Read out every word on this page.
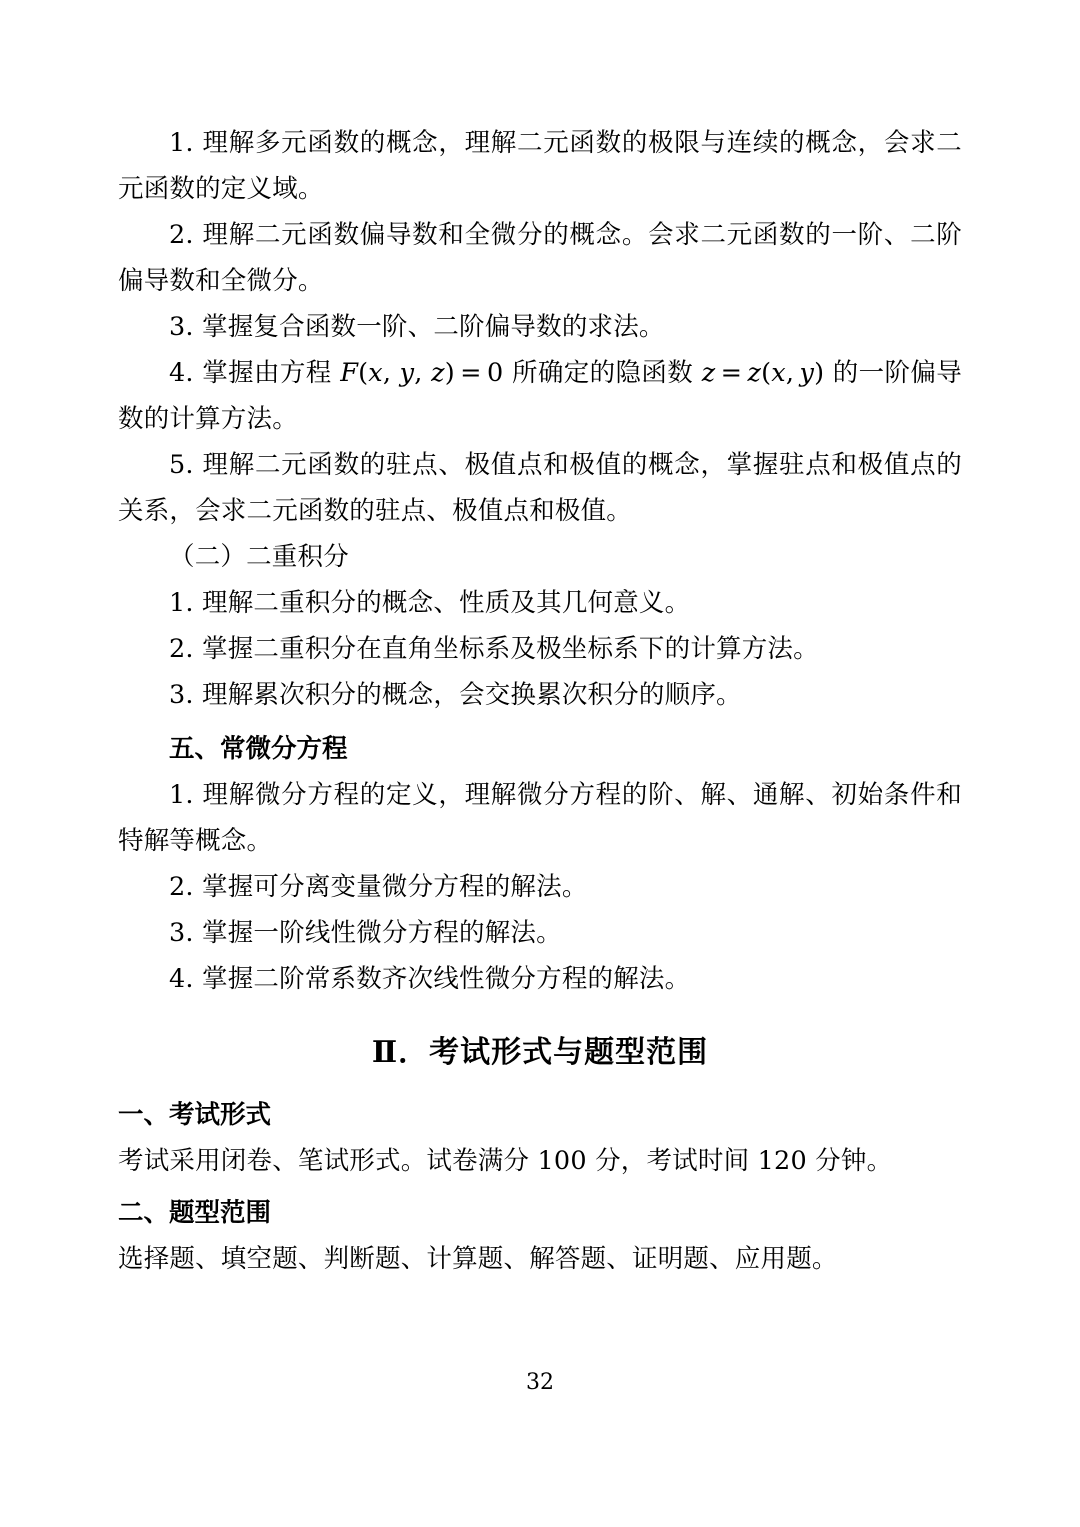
1. 理解多元函数的概念，理解二元函数的极限与连续的概念，会求二元函数的定义域。

2. 理解二元函数偏导数和全微分的概念。会求二元函数的一阶、二阶偏导数和全微分。

3. 掌握复合函数一阶、二阶偏导数的求法。

4. 掌握由方程 F(x, y, z) = 0 所确定的隐函数 z = z(x, y) 的一阶偏导数的计算方法。

5. 理解二元函数的驻点、极值点和极值的概念，掌握驻点和极值点的关系，会求二元函数的驻点、极值点和极值。

（二）二重积分

1. 理解二重积分的概念、性质及其几何意义。

2. 掌握二重积分在直角坐标系及极坐标系下的计算方法。

3. 理解累次积分的概念，会交换累次积分的顺序。

五、常微分方程

1. 理解微分方程的定义，理解微分方程的阶、解、通解、初始条件和特解等概念。

2. 掌握可分离变量微分方程的解法。

3. 掌握一阶线性微分方程的解法。

4. 掌握二阶常系数齐次线性微分方程的解法。

Ⅱ．考试形式与题型范围

一、考试形式

考试采用闭卷、笔试形式。试卷满分 100 分，考试时间 120 分钟。

二、题型范围

选择题、填空题、判断题、计算题、解答题、证明题、应用题。

32
